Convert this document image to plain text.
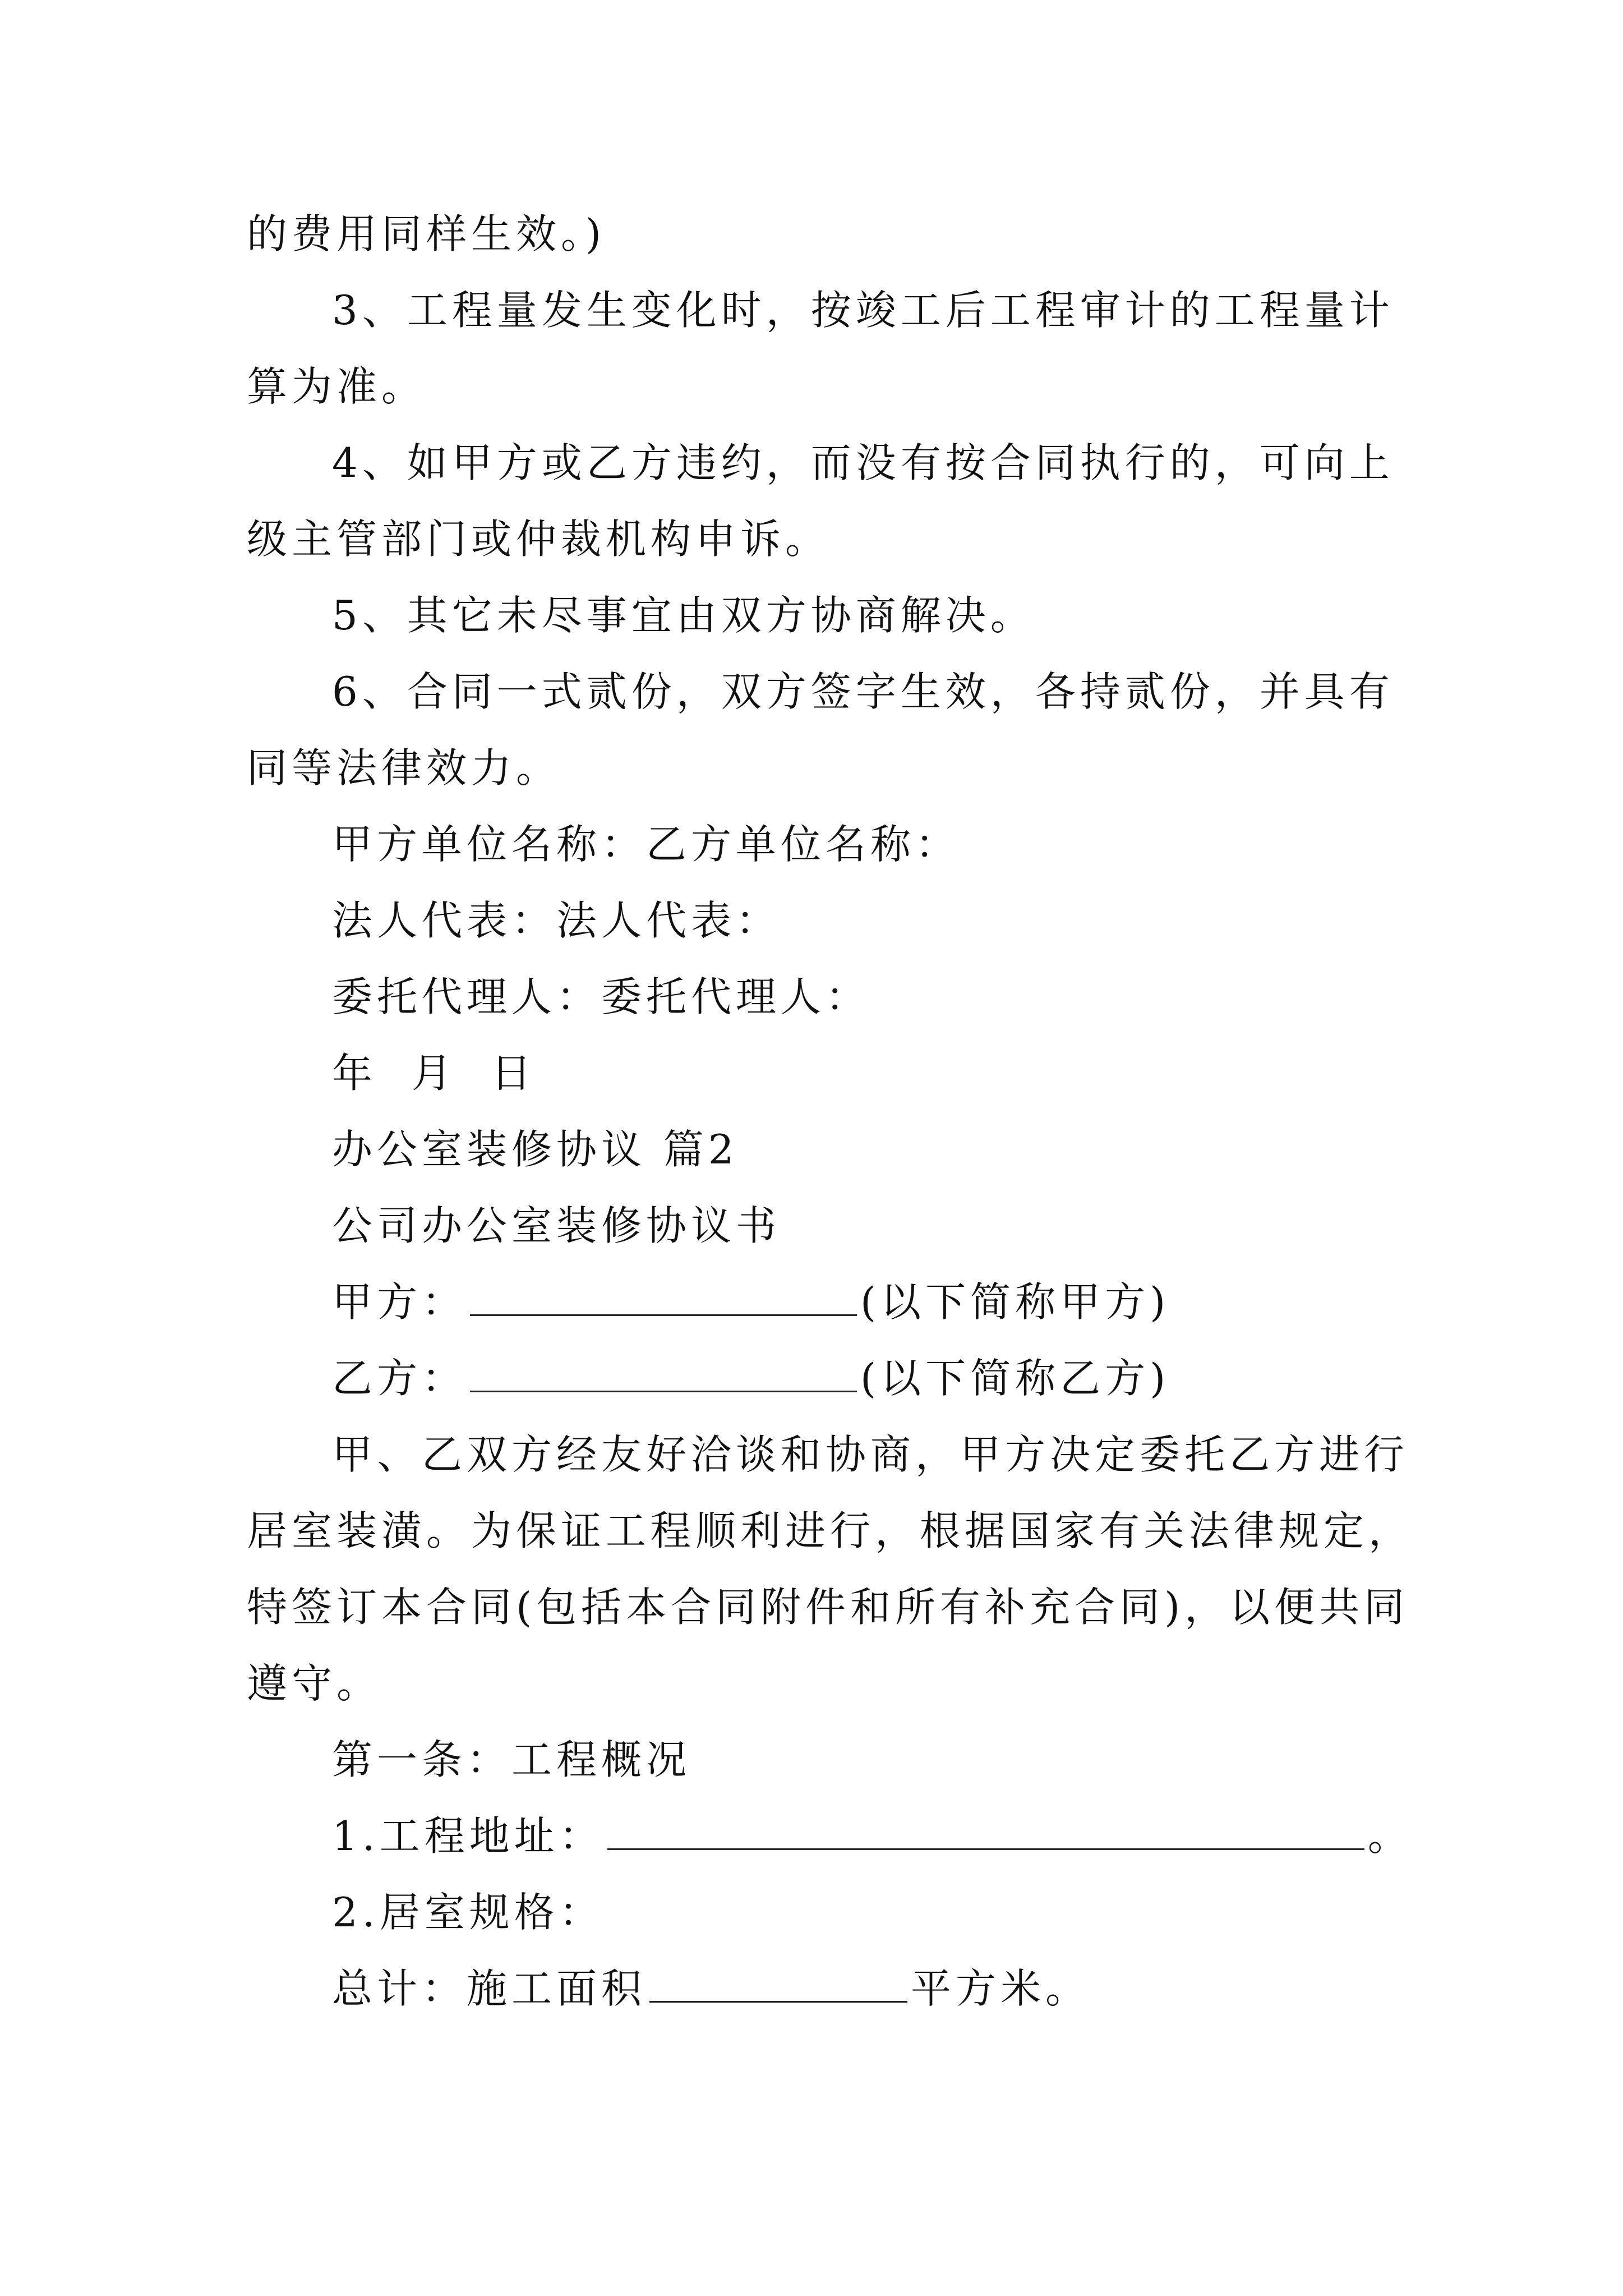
的费用同样生效。)
3、工程量发生变化时，按竣工后工程审计的工程量计
算为准。
4、如甲方或乙方违约，而没有按合同执行的，可向上
级主管部门或仲裁机构申诉。
5、其它未尽事宜由双方协商解决。
6、合同一式贰份，双方签字生效，各持贰份，并具有
同等法律效力。
甲方单位名称：乙方单位名称：
法人代表：法人代表：
委托代理人：委托代理人：
年  月  日
办公室装修协议 篇2
公司办公室装修协议书
甲方：	(以下简称甲方)
乙方：	(以下简称乙方)
甲、乙双方经友好洽谈和协商，甲方决定委托乙方进行
居室装潢。为保证工程顺利进行，根据国家有关法律规定，
特签订本合同(包括本合同附件和所有补充合同)，以便共同
遵守。
第一条：工程概况
1.工程地址：	。
2.居室规格：
总计：施工面积	平方米。
